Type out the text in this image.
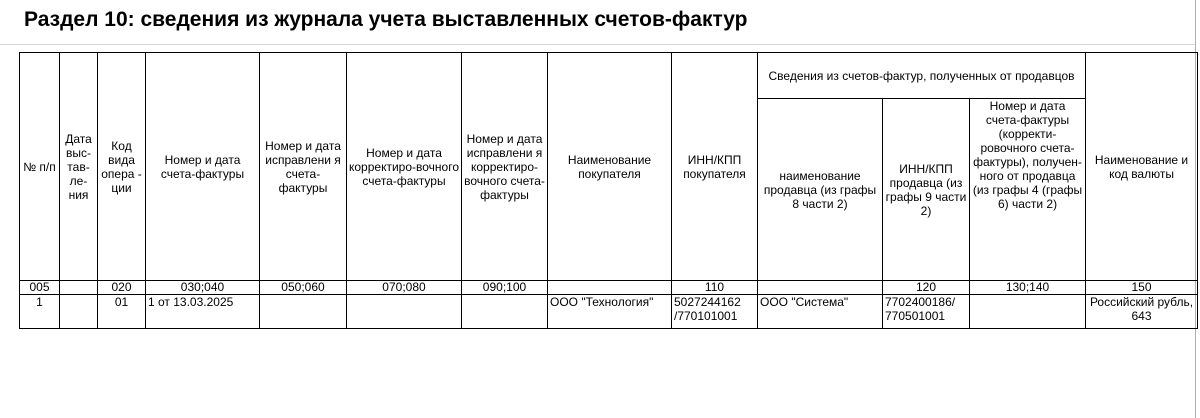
Раздел 10: сведения из журнала учета выставленных счетов-фактур
№ п/п	Дата выс-тав-ле-ния	Код вида опера - ции	Номер и дата счета-фактуры	Номер и дата исправлени я счета-фактуры	Номер и дата корректиро-вочного счета-фактуры	Номер и дата исправлени я корректиро-вочного счета-фактуры	Наименование покупателя	ИНН/КПП покупателя	Сведения из счетов-фактур, полученных от продавцов			Наименование и код валюты
									наименование продавца (из графы 8 части 2)	ИНН/КПП продавца (из графы 9 части 2)	Номер и дата счета-фактуры (корректи-ровочного счета-фактуры), получен-ного от продавца (из графы 4 (графы 6) части 2)	
005		020	030;040	050;060	070;080	090;100		110		120	130;140	150
1		01	1 от 13.03.2025				ООО "Технология"	5027244162 /770101001	ООО "Система"	7702400186/ 770501001		Российский рубль, 643
